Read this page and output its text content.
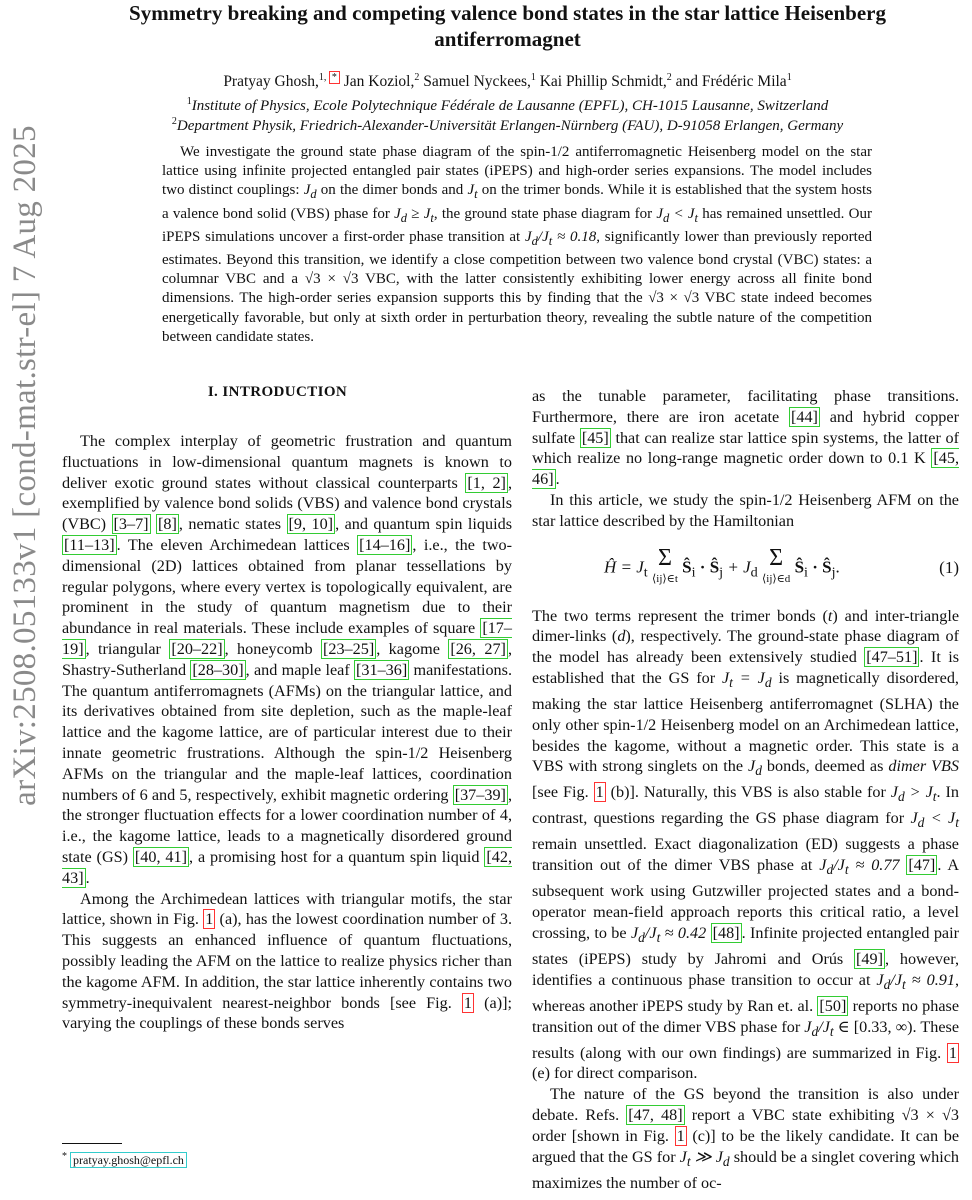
arXiv:2508.05133v1 [cond-mat.str-el] 7 Aug 2025
Symmetry breaking and competing valence bond states in the star lattice Heisenberg antiferromagnet
Pratyay Ghosh,$^{1,}$ * Jan Koziol,$^2$ Samuel Nyckees,$^1$ Kai Phillip Schmidt,$^2$ and Frédéric Mila$^1$
$^1$Institute of Physics, Ecole Polytechnique Fédérale de Lausanne (EPFL), CH-1015 Lausanne, Switzerland
$^2$Department Physik, Friedrich-Alexander-Universität Erlangen-Nürnberg (FAU), D-91058 Erlangen, Germany

We investigate the ground state phase diagram of the spin-1/2 antiferromagnetic Heisenberg model on the star lattice using infinite projected entangled pair states (iPEPS) and high-order series expansions. The model includes two distinct couplings: $J_d$ on the dimer bonds and $J_t$ on the trimer bonds. While it is established that the system hosts a valence bond solid (VBS) phase for $J_d \ge J_t$, the ground state phase diagram for $J_d < J_t$ has remained unsettled. Our iPEPS simulations uncover a first-order phase transition at $J_d/J_t \approx 0.18$, significantly lower than previously reported estimates. Beyond this transition, we identify a close competition between two valence bond crystal (VBC) states: a columnar VBC and a √3 × √3 VBC, with the latter consistently exhibiting lower energy across all finite bond dimensions. The high-order series expansion supports this by finding that the √3 × √3 VBC state indeed becomes energetically favorable, but only at sixth order in perturbation theory, revealing the subtle nature of the competition between candidate states.

I. INTRODUCTION

The complex interplay of geometric frustration and quantum fluctuations in low-dimensional quantum magnets is known to deliver exotic ground states without classical counterparts [1, 2] , exemplified by valence bond solids (VBS) and valence bond crystals (VBC) [3–7] [8] , nematic states [9, 10] , and quantum spin liquids [11–13] . The eleven Archimedean lattices [14–16] , i.e., the two-dimensional (2D) lattices obtained from planar tessellations by regular polygons, where every vertex is topologically equivalent, are prominent in the study of quantum magnetism due to their abundance in real materials. These include examples of square [17–19] , triangular [20–22] , honeycomb [23–25] , kagome [26, 27] , Shastry-Sutherland [28–30] , and maple leaf [31–36] manifestations. The quantum antiferromagnets (AFMs) on the triangular lattice, and its derivatives obtained from site depletion, such as the maple-leaf lattice and the kagome lattice, are of particular interest due to their innate geometric frustrations. Although the spin-1/2 Heisenberg AFMs on the triangular and the maple-leaf lattices, coordination numbers of 6 and 5, respectively, exhibit magnetic ordering [37–39] , the stronger fluctuation effects for a lower coordination number of 4, i.e., the kagome lattice, leads to a magnetically disordered ground state (GS) [40, 41] , a promising host for a quantum spin liquid [42, 43] .

Among the Archimedean lattices with triangular motifs, the star lattice, shown in Fig. 1 (a), has the lowest coordination number of 3. This suggests an enhanced influence of quantum fluctuations, possibly leading the AFM on the lattice to realize physics richer than the kagome AFM. In addition, the star lattice inherently contains two symmetry-inequivalent nearest-neighbor bonds [see Fig. 1 (a)]; varying the couplings of these bonds serves

as the tunable parameter, facilitating phase transitions. Furthermore, there are iron acetate [44] and hybrid copper sulfate [45] that can realize star lattice spin systems, the latter of which realize no long-range magnetic order down to 0.1 K [45, 46] .

In this article, we study the spin-1/2 Heisenberg AFM on the star lattice described by the Hamiltonian

Ĥ = $J_t$
Σ
⟨ij⟩∈t
$Ŝ_i$ · $Ŝ_j + J_d$
Σ
⟨ij⟩∈d
$Ŝ_i$ · $Ŝ_j$.	(1)

The two terms represent the trimer bonds (t) and inter-triangle dimer-links (d), respectively. The ground-state phase diagram of the model has already been extensively studied [47–51] . It is established that the GS for $J_t = J_d$ is magnetically disordered, making the star lattice Heisenberg antiferromagnet (SLHA) the only other spin-1/2 Heisenberg model on an Archimedean lattice, besides the kagome, without a magnetic order. This state is a VBS with strong singlets on the $J_d$ bonds, deemed as dimer VBS [see Fig. 1 (b)]. Naturally, this VBS is also stable for $J_d > J_t$. In contrast, questions regarding the GS phase diagram for $J_d < J_t$ remain unsettled. Exact diagonalization (ED) suggests a phase transition out of the dimer VBS phase at $J_d/J_t \approx 0.77$ [47] . A subsequent work using Gutzwiller projected states and a bond-operator mean-field approach reports this critical ratio, a level crossing, to be $J_d/J_t \approx 0.42$ [48] . Infinite projected entangled pair states (iPEPS) study by Jahromi and Orús [49] , however, identifies a continuous phase transition to occur at $J_d/J_t \approx 0.91$, whereas another iPEPS study by Ran et. al. [50] reports no phase transition out of the dimer VBS phase for $J_d/J_t$ ∈ [0.33, ∞). These results (along with our own findings) are summarized in Fig. 1 (e) for direct comparison.

The nature of the GS beyond the transition is also under debate. Refs. [47, 48] report a VBC state exhibiting √3 × √3 order [shown in Fig. 1 (c)] to be the likely candidate. It can be argued that the GS for $J_t$ ≫ $J_d$ should be a singlet covering which maximizes the number of oc-

* pratyay.ghosh@epfl.ch
